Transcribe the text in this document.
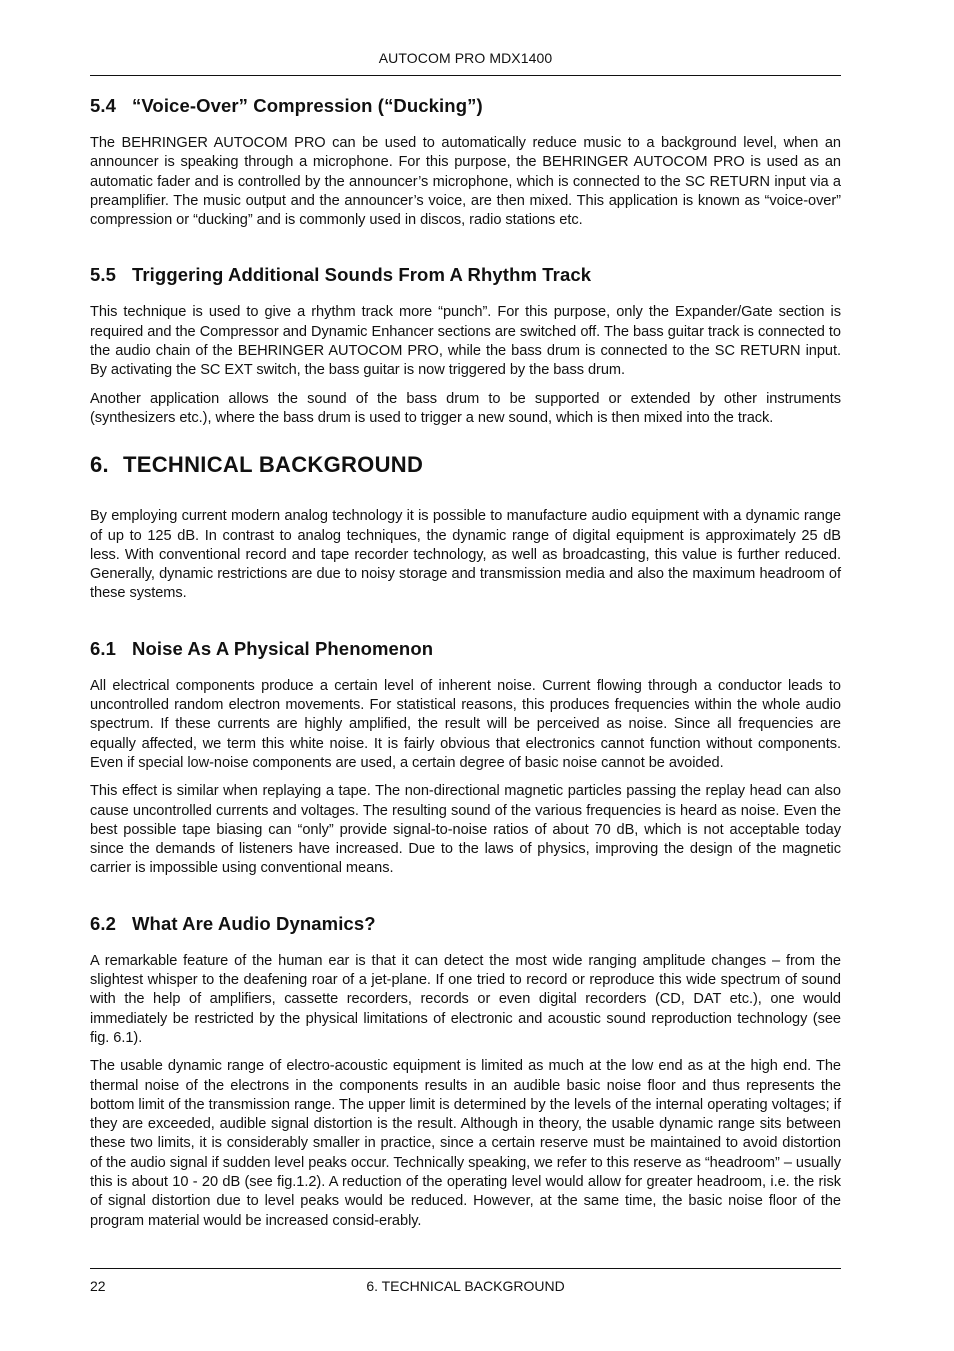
AUTOCOM PRO MDX1400
5.4 “Voice-Over” Compression (“Ducking”)

The BEHRINGER AUTOCOM PRO can be used to automatically reduce music to a background level, when an announcer is speaking through a microphone. For this purpose, the BEHRINGER AUTOCOM PRO is used as an automatic fader and is controlled by the announcer’s microphone, which is connected to the SC RETURN input via a preamplifier. The music output and the announcer’s voice, are then mixed. This application is known as “voice-over” compression or “ducking” and is commonly used in discos, radio stations etc.

5.5 Triggering Additional Sounds From A Rhythm Track

This technique is used to give a rhythm track more “punch”. For this purpose, only the Expander/Gate section is required and the Compressor and Dynamic Enhancer sections are switched off. The bass guitar track is connected to the audio chain of the BEHRINGER AUTOCOM PRO, while the bass drum is connected to the SC RETURN input. By activating the SC EXT switch, the bass guitar is now triggered by the bass drum.

Another application allows the sound of the bass drum to be supported or extended by other instruments (synthesizers etc.), where the bass drum is used to trigger a new sound, which is then mixed into the track.

6. TECHNICAL BACKGROUND

By employing current modern analog technology it is possible to manufacture audio equipment with a dynamic range of up to 125 dB. In contrast to analog techniques, the dynamic range of digital equipment is approximately 25 dB less. With conventional record and tape recorder technology, as well as broadcasting, this value is further reduced. Generally, dynamic restrictions are due to noisy storage and transmission media and also the maximum headroom of these systems.

6.1 Noise As A Physical Phenomenon

All electrical components produce a certain level of inherent noise. Current flowing through a conductor leads to uncontrolled random electron movements. For statistical reasons, this produces frequencies within the whole audio spectrum. If these currents are highly amplified, the result will be perceived as noise. Since all frequencies are equally affected, we term this white noise. It is fairly obvious that electronics cannot function without components. Even if special low-noise components are used, a certain degree of basic noise cannot be avoided.

This effect is similar when replaying a tape. The non-directional magnetic particles passing the replay head can also cause uncontrolled currents and voltages. The resulting sound of the various frequencies is heard as noise. Even the best possible tape biasing can “only” provide signal-to-noise ratios of about 70 dB, which is not acceptable today since the demands of listeners have increased. Due to the laws of physics, improving the design of the magnetic carrier is impossible using conventional means.

6.2 What Are Audio Dynamics?

A remarkable feature of the human ear is that it can detect the most wide ranging amplitude changes – from the slightest whisper to the deafening roar of a jet-plane. If one tried to record or reproduce this wide spectrum of sound with the help of amplifiers, cassette recorders, records or even digital recorders (CD, DAT etc.), one would immediately be restricted by the physical limitations of electronic and acoustic sound reproduction technology (see fig. 6.1).

The usable dynamic range of electro-acoustic equipment is limited as much at the low end as at the high end. The thermal noise of the electrons in the components results in an audible basic noise floor and thus represents the bottom limit of the transmission range. The upper limit is determined by the levels of the internal operating voltages; if they are exceeded, audible signal distortion is the result. Although in theory, the usable dynamic range sits between these two limits, it is considerably smaller in practice, since a certain reserve must be maintained to avoid distortion of the audio signal if sudden level peaks occur. Technically speaking, we refer to this reserve as “headroom” – usually this is about 10 - 20 dB (see fig.1.2). A reduction of the operating level would allow for greater headroom, i.e. the risk of signal distortion due to level peaks would be reduced. However, at the same time, the basic noise floor of the program material would be increased consid-erably.

22	6. TECHNICAL BACKGROUND
